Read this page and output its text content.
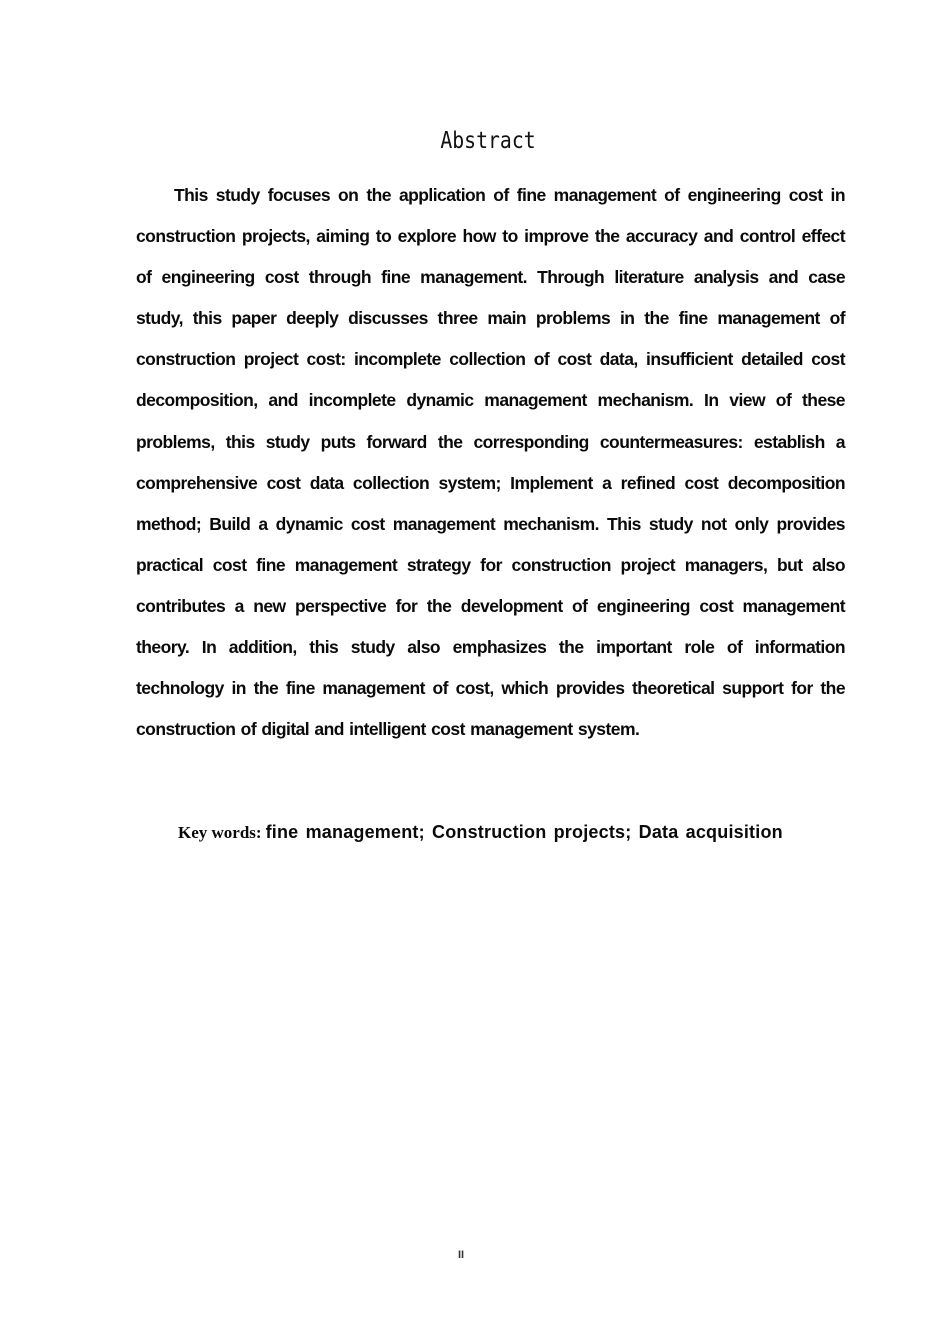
Abstract

This study focuses on the application of fine management of engineering cost in construction projects, aiming to explore how to improve the accuracy and control effect of engineering cost through fine management. Through literature analysis and case study, this paper deeply discusses three main problems in the fine management of construction project cost: incomplete collection of cost data, insufficient detailed cost decomposition, and incomplete dynamic management mechanism. In view of these problems, this study puts forward the corresponding countermeasures: establish a comprehensive cost data collection system; Implement a refined cost decomposition method; Build a dynamic cost management mechanism. This study not only provides practical cost fine management strategy for construction project managers, but also contributes a new perspective for the development of engineering cost management theory. In addition, this study also emphasizes the important role of information technology in the fine management of cost, which provides theoretical support for the construction of digital and intelligent cost management system.

Key words: fine management; Construction projects; Data acquisition
II
